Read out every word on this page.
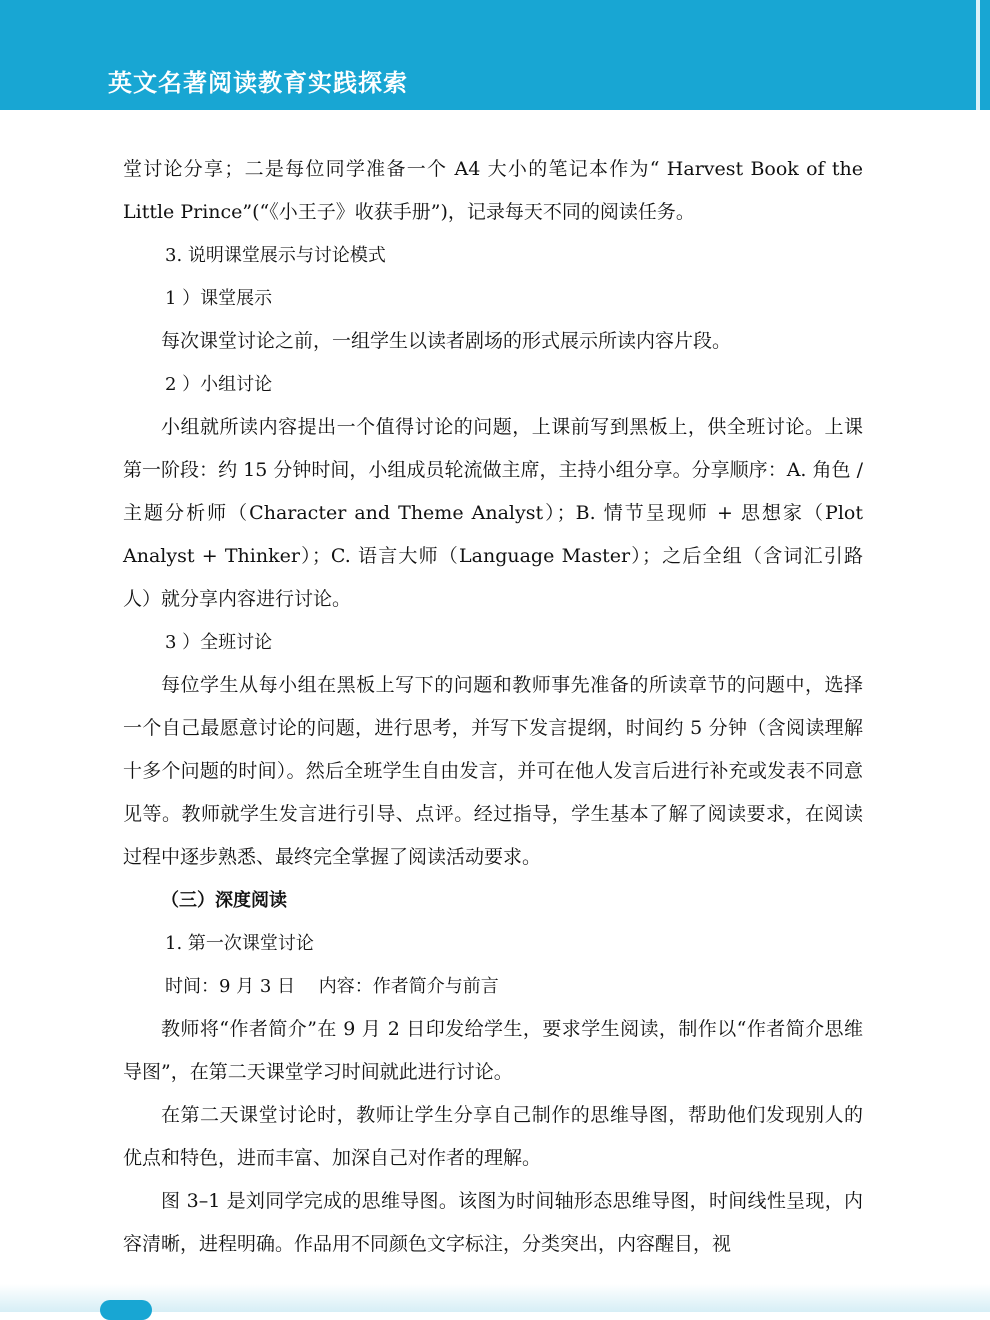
英文名著阅读教育实践探索

堂讨论分享；二是每位同学准备一个 A4 大小的笔记本作为“ Harvest Book of the Little Prince”(“《小王子》收获手册”)，记录每天不同的阅读任务。

3. 说明课堂展示与讨论模式

1 ）课堂展示

每次课堂讨论之前，一组学生以读者剧场的形式展示所读内容片段。

2 ）小组讨论

小组就所读内容提出一个值得讨论的问题，上课前写到黑板上，供全班讨论。上课第一阶段：约 15 分钟时间，小组成员轮流做主席，主持小组分享。分享顺序：A. 角色 / 主题分析师（Character and Theme Analyst）；B. 情节呈现师 + 思想家（Plot Analyst + Thinker）；C. 语言大师（Language Master）；之后全组（含词汇引路人）就分享内容进行讨论。

3 ）全班讨论

每位学生从每小组在黑板上写下的问题和教师事先准备的所读章节的问题中，选择一个自己最愿意讨论的问题，进行思考，并写下发言提纲，时间约 5 分钟（含阅读理解十多个问题的时间）。然后全班学生自由发言，并可在他人发言后进行补充或发表不同意见等。教师就学生发言进行引导、点评。经过指导，学生基本了解了阅读要求，在阅读过程中逐步熟悉、最终完全掌握了阅读活动要求。

（三）深度阅读

1. 第一次课堂讨论

时间：9 月 3 日　 内容：作者简介与前言

教师将“作者简介”在 9 月 2 日印发给学生，要求学生阅读，制作以“作者简介思维导图”，在第二天课堂学习时间就此进行讨论。

在第二天课堂讨论时，教师让学生分享自己制作的思维导图，帮助他们发现别人的优点和特色，进而丰富、加深自己对作者的理解。

图 3–1 是刘同学完成的思维导图。该图为时间轴形态思维导图，时间线性呈现，内容清晰，进程明确。作品用不同颜色文字标注，分类突出，内容醒目，视
